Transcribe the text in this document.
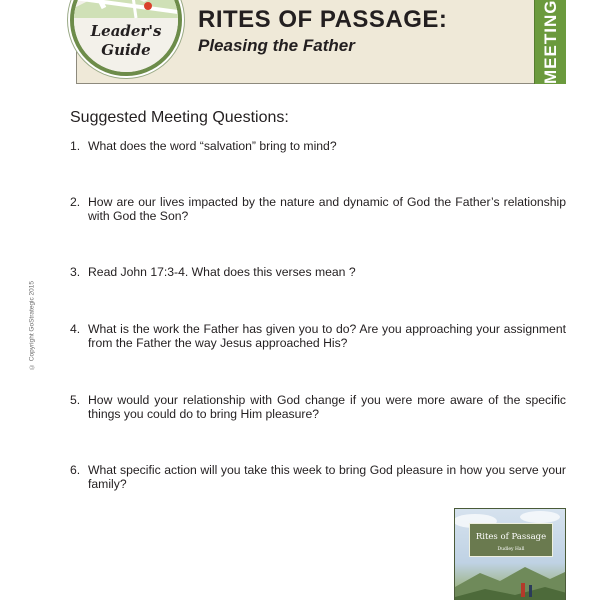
MEETING
Leader's
Guide
RITES OF PASSAGE:
Pleasing the Father
Suggested Meeting Questions:
1. What does the word “salvation” bring to mind?
2. How are our lives impacted by the nature and dynamic of God the Father’s relationship with God the Son?
3. Read John 17:3-4. What does this verses mean ?
4. What is the work the Father has given you to do? Are you approaching your assignment from the Father the way Jesus approached His?
5. How would your relationship with God change if you were more aware of the specific things you could do to bring Him pleasure?
6. What specific action will you take this week to bring God pleasure in how you serve your family?
© Copyright GoStrategic 2015
Rites of Passage
Dudley Hall
